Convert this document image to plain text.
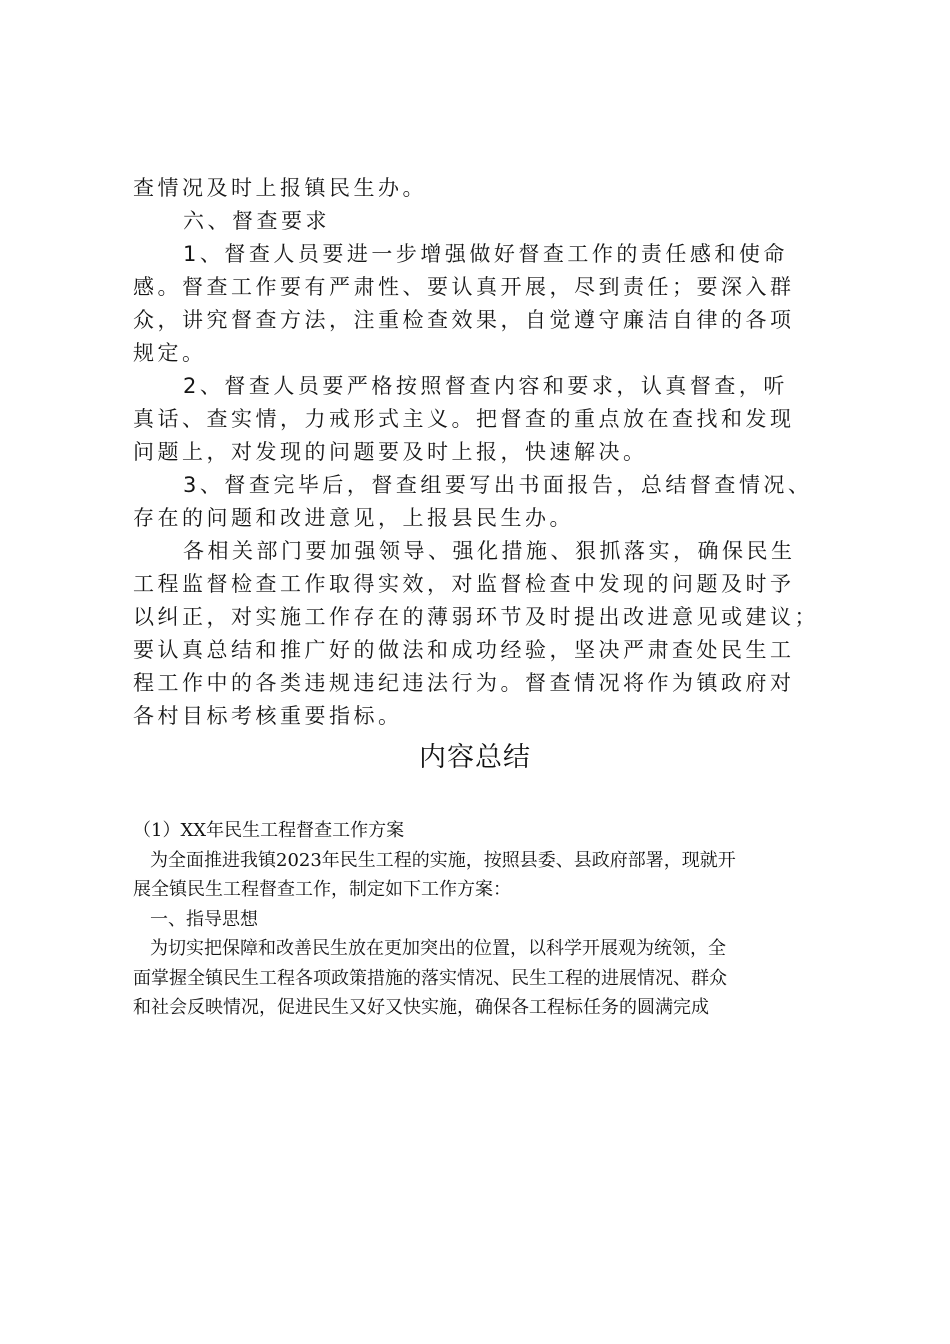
查情况及时上报镇民生办。

六、督查要求

1、督查人员要进一步增强做好督查工作的责任感和使命

感。督查工作要有严肃性、要认真开展，尽到责任；要深入群

众，讲究督查方法，注重检查效果，自觉遵守廉洁自律的各项

规定。

2、督查人员要严格按照督查内容和要求，认真督查，听

真话、查实情，力戒形式主义。把督查的重点放在查找和发现

问题上，对发现的问题要及时上报，快速解决。

3、督查完毕后，督查组要写出书面报告，总结督查情况、

存在的问题和改进意见，上报县民生办。

各相关部门要加强领导、强化措施、狠抓落实，确保民生

工程监督检查工作取得实效，对监督检查中发现的问题及时予

以纠正，对实施工作存在的薄弱环节及时提出改进意见或建议；

要认真总结和推广好的做法和成功经验，坚决严肃查处民生工

程工作中的各类违规违纪违法行为。督查情况将作为镇政府对

各村目标考核重要指标。

内容总结

（1）XX年民生工程督查工作方案

为全面推进我镇2023年民生工程的实施，按照县委、县政府部署，现就开

展全镇民生工程督查工作，制定如下工作方案：

一、指导思想

为切实把保障和改善民生放在更加突出的位置，以科学开展观为统领，全

面掌握全镇民生工程各项政策措施的落实情况、民生工程的进展情况、群众

和社会反映情况，促进民生又好又快实施，确保各工程标任务的圆满完成
